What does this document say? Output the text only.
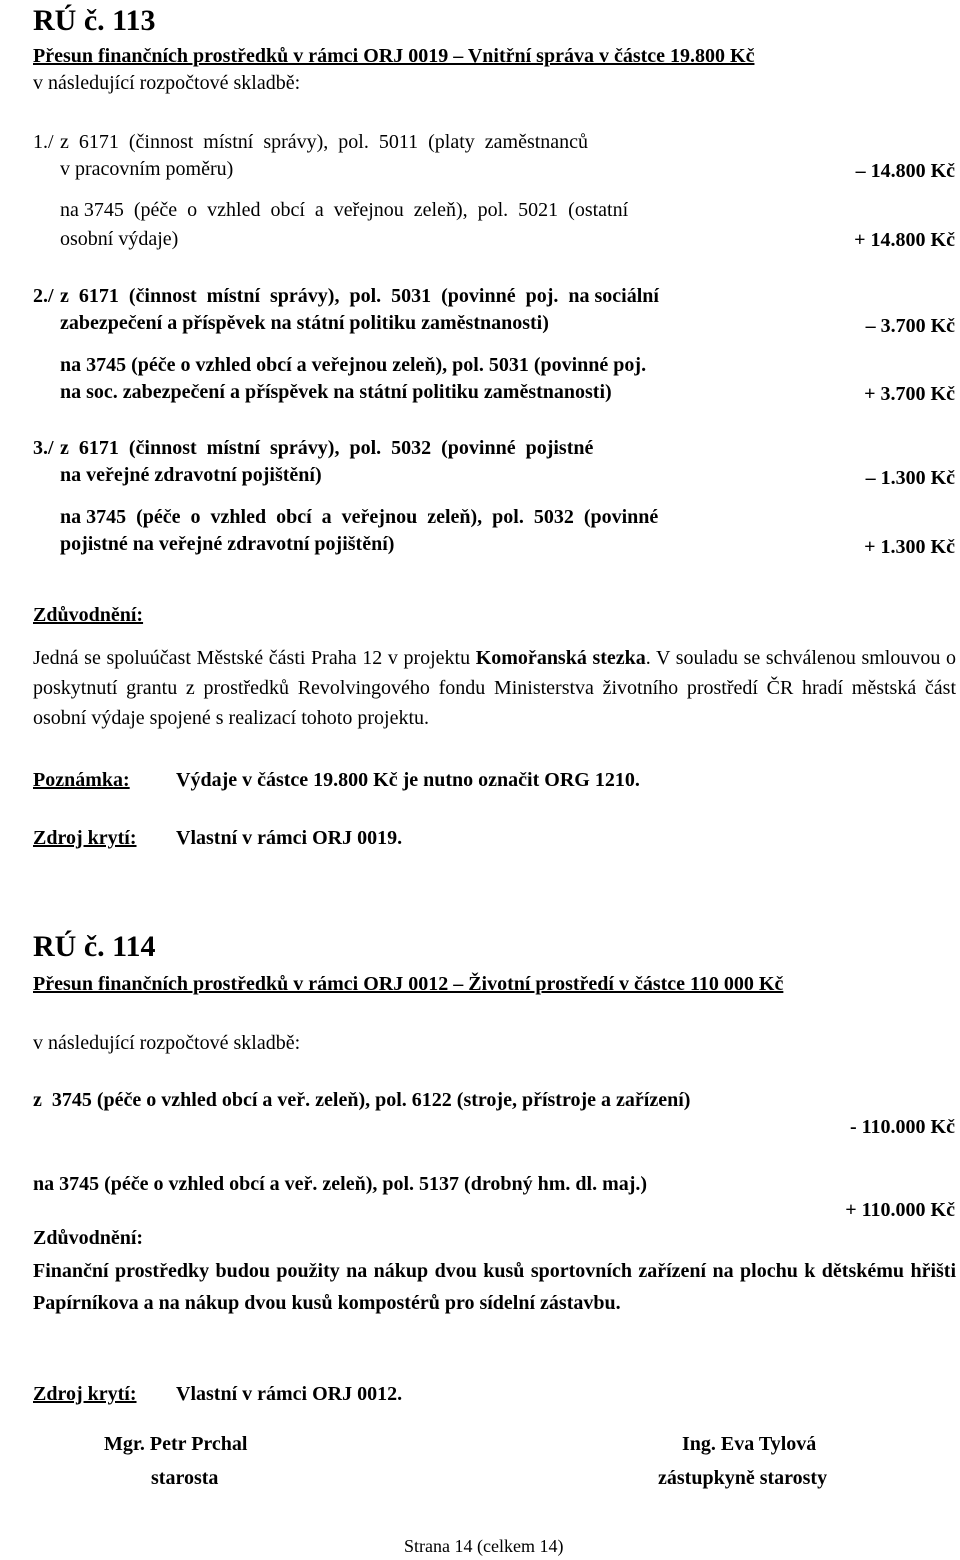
RÚ č. 113
Přesun finančních prostředků v rámci ORJ 0019 – Vnitřní správa v částce 19.800 Kč
v následující rozpočtové skladbě:
1./ z  6171  (činnost  místní  správy),  pol.  5011  (platy  zaměstnanců
v pracovním poměru)	– 14.800 Kč
na 3745  (péče  o  vzhled  obcí  a  veřejnou  zeleň),  pol.  5021  (ostatní
osobní výdaje)	+ 14.800 Kč
2./ z  6171  (činnost  místní  správy),  pol.  5031  (povinné  poj.  na sociální
zabezpečení a příspěvek na státní politiku zaměstnanosti)	– 3.700 Kč
na 3745 (péče o vzhled obcí a veřejnou zeleň), pol. 5031 (povinné poj.
na soc. zabezpečení a příspěvek na státní politiku zaměstnanosti)	+ 3.700 Kč
3./ z  6171  (činnost  místní  správy),  pol.  5032  (povinné  pojistné
na veřejné zdravotní pojištění)	– 1.300 Kč
na 3745  (péče  o  vzhled  obcí  a  veřejnou  zeleň),  pol.  5032  (povinné
pojistné na veřejné zdravotní pojištění)	+ 1.300 Kč
Zdůvodnění:
Jedná se spoluúčast Městské části Praha 12 v projektu Komořanská stezka. V souladu se schválenou smlouvou o poskytnutí grantu z prostředků Revolvingového fondu Ministerstva životního prostředí ČR hradí městská část osobní výdaje spojené s realizací tohoto projektu.
Poznámka: Výdaje v částce 19.800 Kč je nutno označit ORG 1210.
Zdroj krytí: Vlastní v rámci ORJ 0019.
RÚ č. 114
Přesun finančních prostředků v rámci ORJ 0012 – Životní prostředí v částce 110 000 Kč
v následující rozpočtové skladbě:
z  3745 (péče o vzhled obcí a veř. zeleň), pol. 6122 (stroje, přístroje a zařízení)
- 110.000 Kč
na 3745 (péče o vzhled obcí a veř. zeleň), pol. 5137 (drobný hm. dl. maj.)
+ 110.000 Kč
Zdůvodnění:
Finanční prostředky budou použity na nákup dvou kusů sportovních zařízení na plochu k dětskému hřišti Papírníkova a na nákup dvou kusů kompostérů pro sídelní zástavbu.
Zdroj krytí: Vlastní v rámci ORJ 0012.
Mgr. Petr Prchal
starosta
Ing. Eva Tylová
zástupkyně starosty
Strana 14 (celkem 14)
